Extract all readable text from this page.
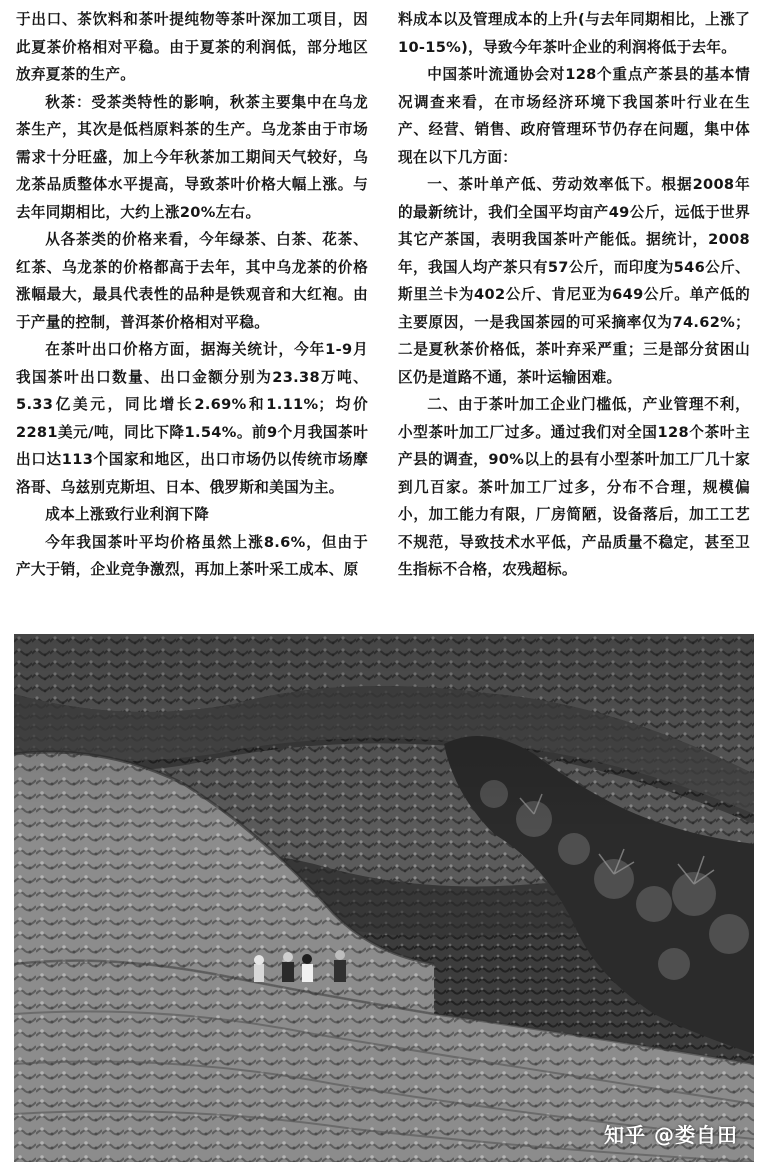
于出口、茶饮料和茶叶提纯物等茶叶深加工项目，因此夏茶价格相对平稳。由于夏茶的利润低，部分地区放弃夏茶的生产。

秋茶：受茶类特性的影响，秋茶主要集中在乌龙茶生产，其次是低档原料茶的生产。乌龙茶由于市场需求十分旺盛，加上今年秋茶加工期间天气较好，乌龙茶品质整体水平提高，导致茶叶价格大幅上涨。与去年同期相比，大约上涨20%左右。

从各茶类的价格来看，今年绿茶、白茶、花茶、红茶、乌龙茶的价格都高于去年，其中乌龙茶的价格涨幅最大，最具代表性的品种是铁观音和大红袍。由于产量的控制，普洱茶价格相对平稳。

在茶叶出口价格方面，据海关统计，今年1-9月我国茶叶出口数量、出口金额分别为23.38万吨、5.33亿美元，同比增长2.69%和1.11%；均价2281美元/吨，同比下降1.54%。前9个月我国茶叶出口达113个国家和地区，出口市场仍以传统市场摩洛哥、乌兹别克斯坦、日本、俄罗斯和美国为主。

成本上涨致行业利润下降

今年我国茶叶平均价格虽然上涨8.6%，但由于产大于销，企业竞争激烈，再加上茶叶采工成本、原

料成本以及管理成本的上升(与去年同期相比，上涨了10-15%)，导致今年茶叶企业的利润将低于去年。

中国茶叶流通协会对128个重点产茶县的基本情况调查来看，在市场经济环境下我国茶叶行业在生产、经营、销售、政府管理环节仍存在问题，集中体现在以下几方面：

一、茶叶单产低、劳动效率低下。根据2008年的最新统计，我们全国平均亩产49公斤，远低于世界其它产茶国，表明我国茶叶产能低。据统计，2008年，我国人均产茶只有57公斤，而印度为546公斤、斯里兰卡为402公斤、肯尼亚为649公斤。单产低的主要原因，一是我国茶园的可采摘率仅为74.62%；二是夏秋茶价格低，茶叶弃采严重；三是部分贫困山区仍是道路不通，茶叶运输困难。

二、由于茶叶加工企业门槛低，产业管理不利，小型茶叶加工厂过多。通过我们对全国128个茶叶主产县的调查，90%以上的县有小型茶叶加工厂几十家到几百家。茶叶加工厂过多，分布不合理，规模偏小，加工能力有限，厂房简陋，设备落后，加工工艺不规范，导致技术水平低，产品质量不稳定，甚至卫生指标不合格，农残超标。

知乎 @娄自田
